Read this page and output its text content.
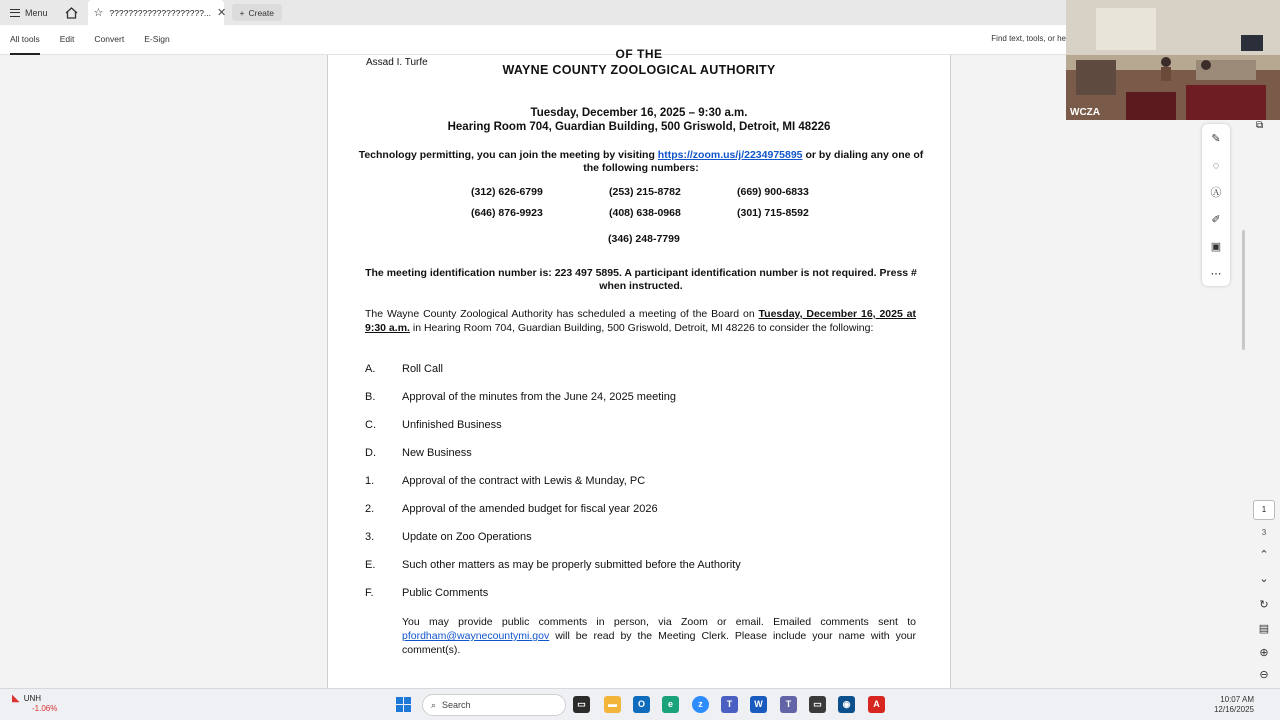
Menu	☆ ????????????????????... ✕ + Create
All tools	Edit	Convert	E-Sign	Find text, tools, or he
Assad I. Turfe
OF THE
WAYNE COUNTY ZOOLOGICAL AUTHORITY
Tuesday, December 16, 2025 – 9:30 a.m.
Hearing Room 704, Guardian Building, 500 Griswold, Detroit, MI 48226
Technology permitting, you can join the meeting by visiting https://zoom.us/j/2234975895 or by dialing any one of the following numbers:
(312) 626-6799	(253) 215-8782	(669) 900-6833
(646) 876-9923	(408) 638-0968	(301) 715-8592
(346) 248-7799
The meeting identification number is: 223 497 5895. A participant identification number is not required. Press # when instructed.
The Wayne County Zoological Authority has scheduled a meeting of the Board on Tuesday, December 16, 2025 at 9:30 a.m. in Hearing Room 704, Guardian Building, 500 Griswold, Detroit, MI 48226 to consider the following:
A. Roll Call
B. Approval of the minutes from the June 24, 2025 meeting
C. Unfinished Business
D. New Business
1.	Approval of the contract with Lewis & Munday, PC
2.	Approval of the amended budget for fiscal year 2026
3.	Update on Zoo Operations
E. Such other matters as may be properly submitted before the Authority
F.	Public Comments
You may provide public comments in person, via Zoom or email. Emailed comments sent to pfordham@waynecountymi.gov will be read by the Meeting Clerk. Please include your name with your comment(s).
WCZA
⧉
✎
◌
Ⓐ
✐
▣
⋯
1
3
⌃
⌄
↻
▤
⊕
⊖
◣ UNH
-1.06%	⌕ Search	▭	▬	O	e	z	T	W	T	▭	◉	A	10:07 AM
12/16/2025
